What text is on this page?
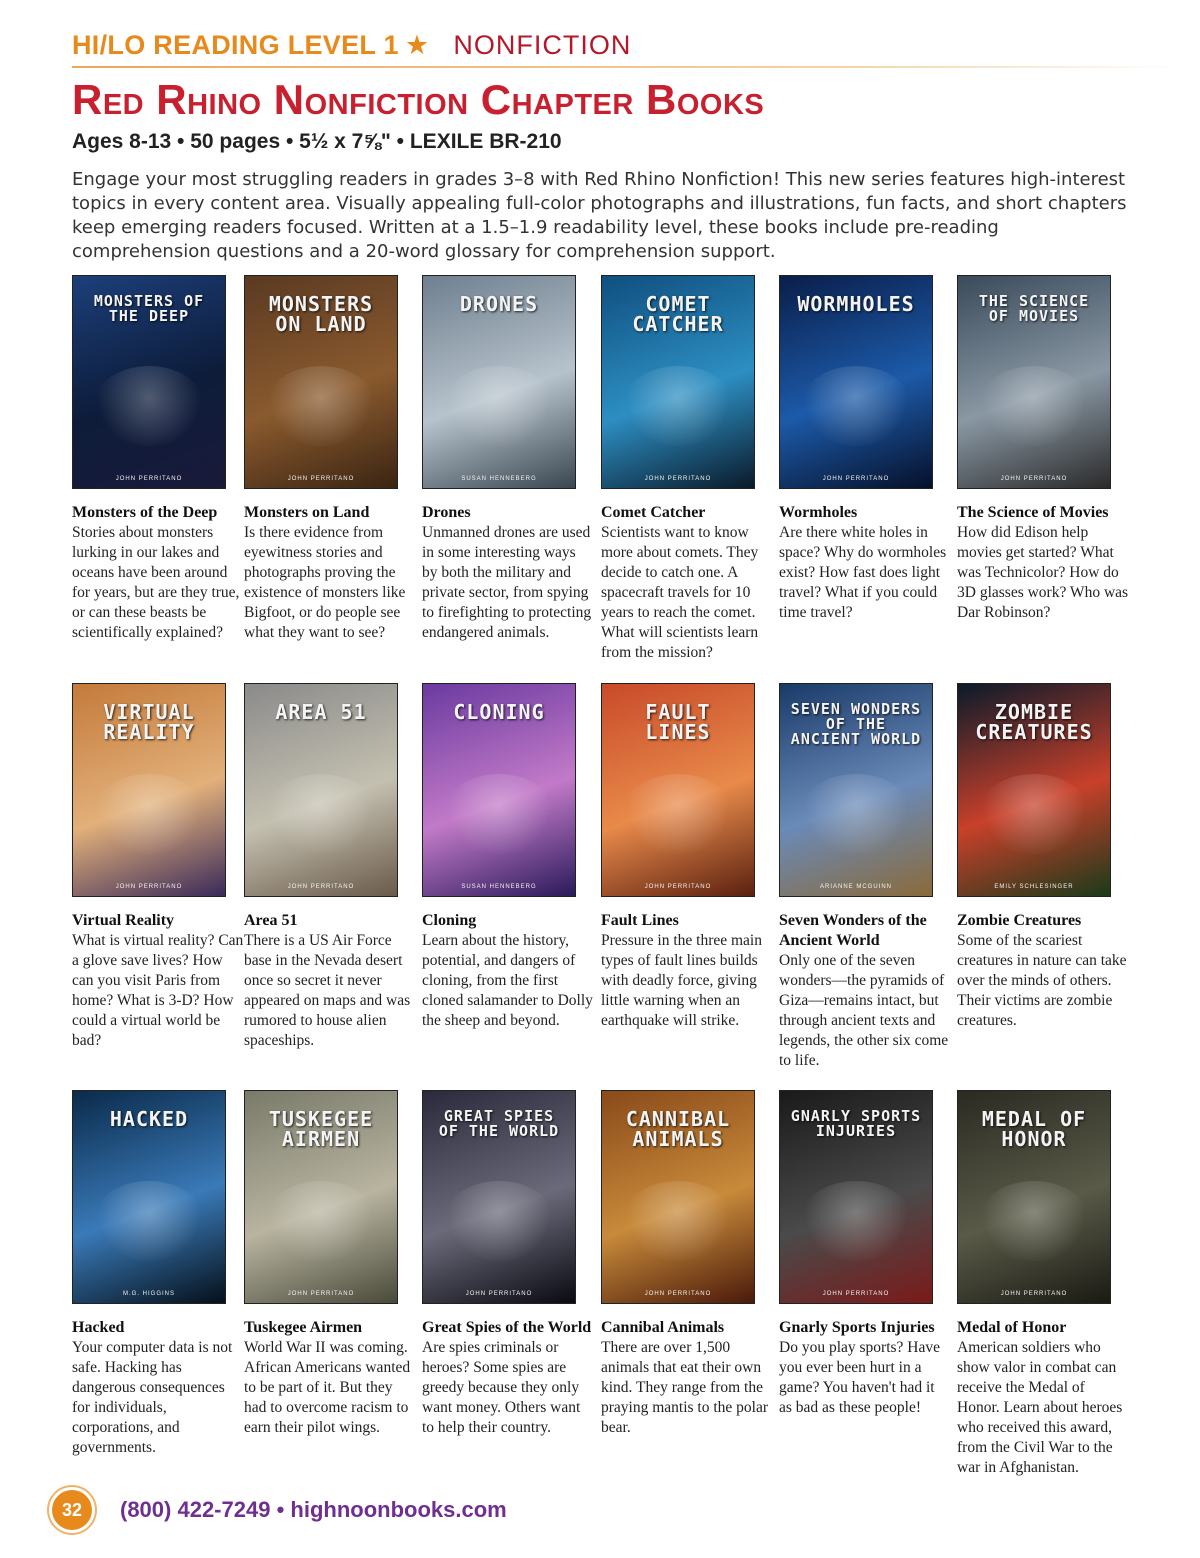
HI/LO READING LEVEL 1 ★ NONFICTION
Red Rhino Nonfiction Chapter Books
Ages 8-13 • 50 pages • 5½ x 7⅝" • LEXILE BR-210
Engage your most struggling readers in grades 3–8 with Red Rhino Nonfiction! This new series features high-interest topics in every content area. Visually appealing full-color photographs and illustrations, fun facts, and short chapters keep emerging readers focused. Written at a 1.5–1.9 readability level, these books include pre-reading comprehension questions and a 20-word glossary for comprehension support.
MONSTERS OF THE DEEP
JOHN PERRITANO
Monsters of the Deep
Stories about monsters lurking in our lakes and oceans have been around for years, but are they true, or can these beasts be scientifically explained?
MONSTERS ON LAND
JOHN PERRITANO
Monsters on Land
Is there evidence from eyewitness stories and photographs proving the existence of monsters like Bigfoot, or do people see what they want to see?
DRONES
SUSAN HENNEBERG
Drones
Unmanned drones are used in some interesting ways by both the military and private sector, from spying to firefighting to protecting endangered animals.
COMET CATCHER
JOHN PERRITANO
Comet Catcher
Scientists want to know more about comets. They decide to catch one. A spacecraft travels for 10 years to reach the comet. What will scientists learn from the mission?
WORMHOLES
JOHN PERRITANO
Wormholes
Are there white holes in space? Why do wormholes exist? How fast does light travel? What if you could time travel?
THE SCIENCE OF MOVIES
JOHN PERRITANO
The Science of Movies
How did Edison help movies get started? What was Technicolor? How do 3D glasses work? Who was Dar Robinson?
VIRTUAL REALITY
JOHN PERRITANO
Virtual Reality
What is virtual reality? Can a glove save lives? How can you visit Paris from home? What is 3-D? How could a virtual world be bad?
AREA 51
JOHN PERRITANO
Area 51
There is a US Air Force base in the Nevada desert once so secret it never appeared on maps and was rumored to house alien spaceships.
CLONING
SUSAN HENNEBERG
Cloning
Learn about the history, potential, and dangers of cloning, from the first cloned salamander to Dolly the sheep and beyond.
FAULT LINES
JOHN PERRITANO
Fault Lines
Pressure in the three main types of fault lines builds with deadly force, giving little warning when an earthquake will strike.
SEVEN WONDERS OF THE ANCIENT WORLD
ARIANNE MCGUINN
Seven Wonders of the Ancient World
Only one of the seven wonders—the pyramids of Giza—remains intact, but through ancient texts and legends, the other six come to life.
ZOMBIE CREATURES
EMILY SCHLESINGER
Zombie Creatures
Some of the scariest creatures in nature can take over the minds of others. Their victims are zombie creatures.
HACKED
M.G. HIGGINS
Hacked
Your computer data is not safe. Hacking has dangerous consequences for individuals, corporations, and governments.
TUSKEGEE AIRMEN
JOHN PERRITANO
Tuskegee Airmen
World War II was coming. African Americans wanted to be part of it. But they had to overcome racism to earn their pilot wings.
GREAT SPIES OF THE WORLD
JOHN PERRITANO
Great Spies of the World
Are spies criminals or heroes? Some spies are greedy because they only want money. Others want to help their country.
CANNIBAL ANIMALS
JOHN PERRITANO
Cannibal Animals
There are over 1,500 animals that eat their own kind. They range from the praying mantis to the polar bear.
GNARLY SPORTS INJURIES
JOHN PERRITANO
Gnarly Sports Injuries
Do you play sports? Have you ever been hurt in a game? You haven't had it as bad as these people!
MEDAL OF HONOR
JOHN PERRITANO
Medal of Honor
American soldiers who show valor in combat can receive the Medal of Honor. Learn about heroes who received this award, from the Civil War to the war in Afghanistan.
32	(800) 422-7249 • highnoonbooks.com
